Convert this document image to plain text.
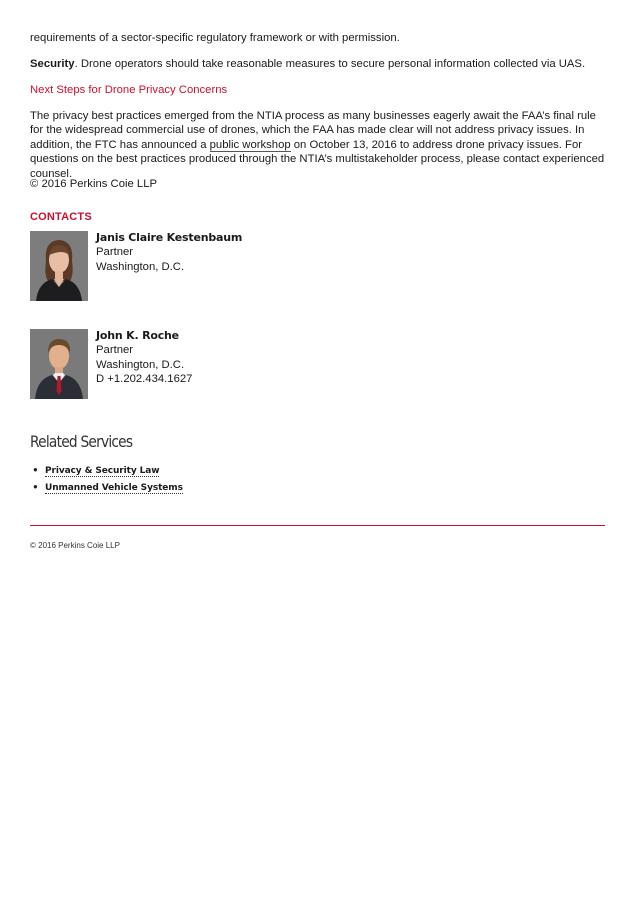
requirements of a sector-specific regulatory framework or with permission.

Security. Drone operators should take reasonable measures to secure personal information collected via UAS.

Next Steps for Drone Privacy Concerns

The privacy best practices emerged from the NTIA process as many businesses eagerly await the FAA’s final rule for the widespread commercial use of drones, which the FAA has made clear will not address privacy issues. In addition, the FTC has announced a public workshop on October 13, 2016 to address drone privacy issues. For questions on the best practices produced through the NTIA’s multistakeholder process, please contact experienced counsel.

© 2016 Perkins Coie LLP

CONTACTS
Janis Claire Kestenbaum
Partner
Washington, D.C.
John K. Roche
Partner
Washington, D.C.
D +1.202.434.1627
Related Services
● Privacy & Security Law
● Unmanned Vehicle Systems
© 2016 Perkins Coie LLP
